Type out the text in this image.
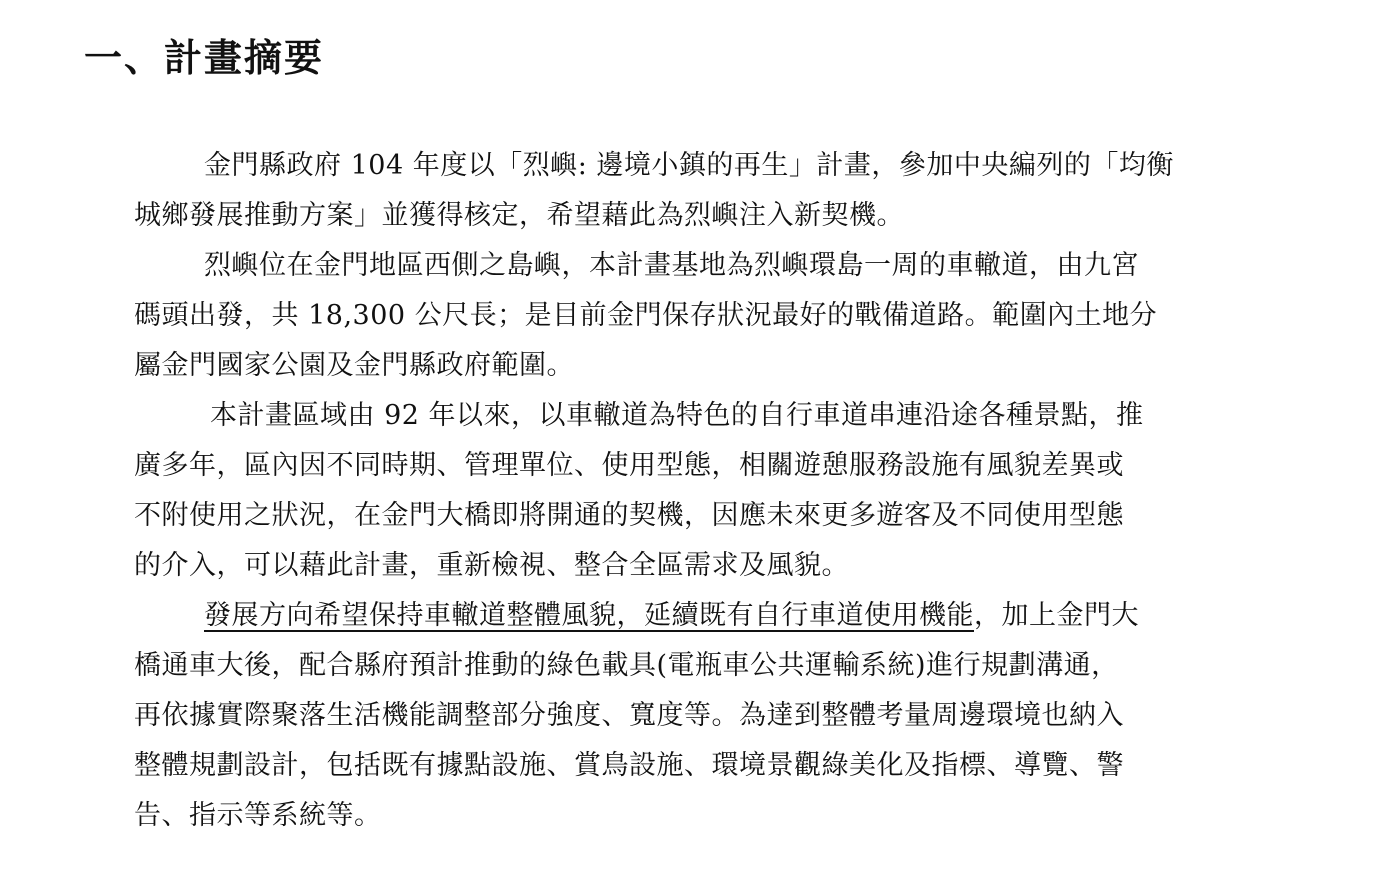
一、計畫摘要
金門縣政府 104 年度以「烈嶼: 邊境小鎮的再生」計畫，參加中央編列的「均衡
城鄉發展推動方案」並獲得核定，希望藉此為烈嶼注入新契機。
烈嶼位在金門地區西側之島嶼，本計畫基地為烈嶼環島一周的車轍道，由九宮
碼頭出發，共 18,300 公尺長；是目前金門保存狀況最好的戰備道路。範圍內土地分
屬金門國家公園及金門縣政府範圍。
本計畫區域由 92 年以來，以車轍道為特色的自行車道串連沿途各種景點，推
廣多年，區內因不同時期、管理單位、使用型態，相關遊憩服務設施有風貌差異或
不附使用之狀況，在金門大橋即將開通的契機，因應未來更多遊客及不同使用型態
的介入，可以藉此計畫，重新檢視、整合全區需求及風貌。
發展方向希望保持車轍道整體風貌，延續既有自行車道使用機能，加上金門大
橋通車大後，配合縣府預計推動的綠色載具(電瓶車公共運輸系統)進行規劃溝通，
再依據實際聚落生活機能調整部分強度、寬度等。為達到整體考量周邊環境也納入
整體規劃設計，包括既有據點設施、賞鳥設施、環境景觀綠美化及指標、導覽、警
告、指示等系統等。
